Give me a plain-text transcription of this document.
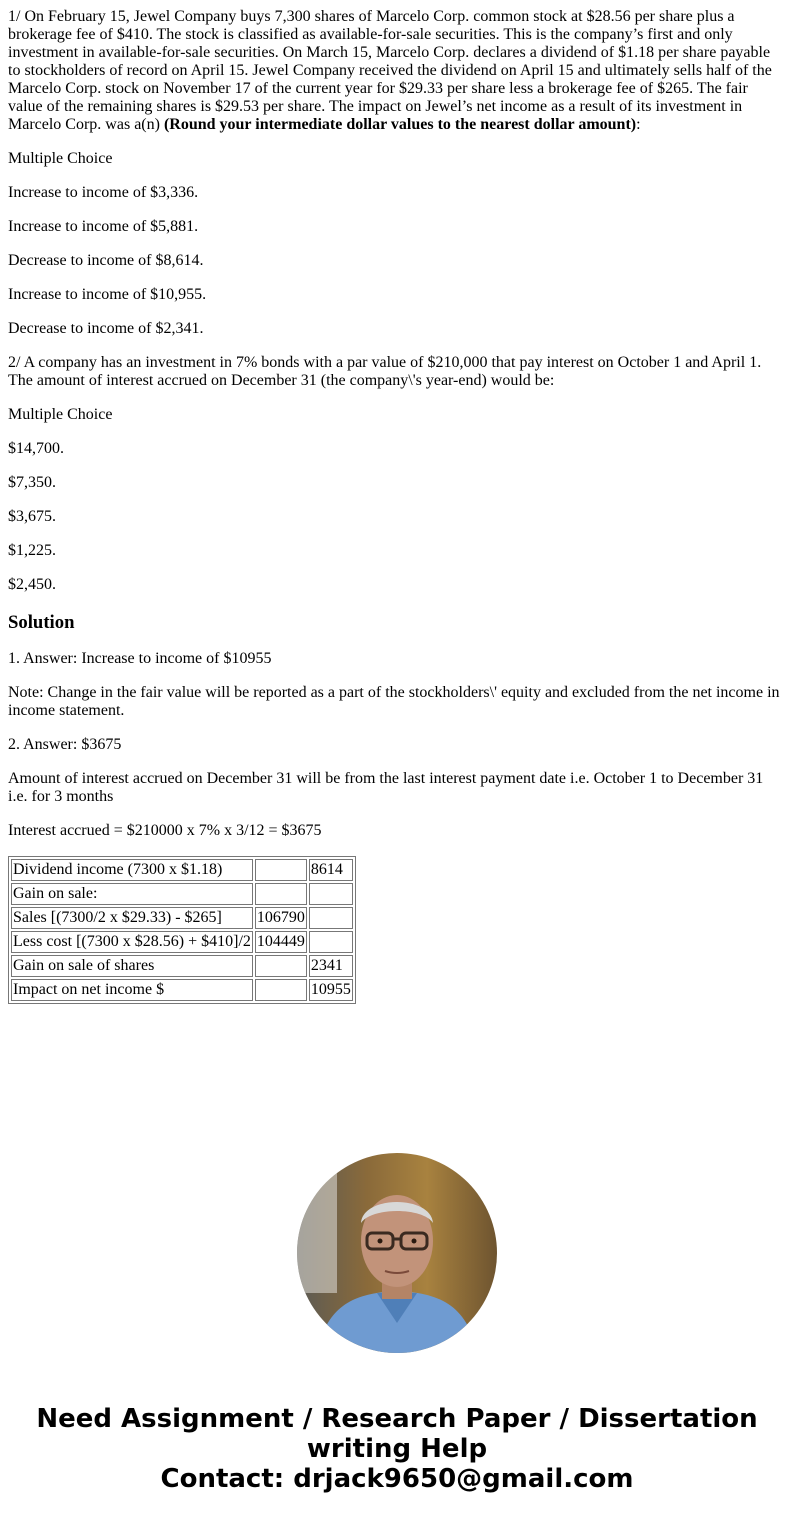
1/ On February 15, Jewel Company buys 7,300 shares of Marcelo Corp. common stock at $28.56 per share plus a brokerage fee of $410. The stock is classified as available-for-sale securities. This is the company’s first and only investment in available-for-sale securities. On March 15, Marcelo Corp. declares a dividend of $1.18 per share payable to stockholders of record on April 15. Jewel Company received the dividend on April 15 and ultimately sells half of the Marcelo Corp. stock on November 17 of the current year for $29.33 per share less a brokerage fee of $265. The fair value of the remaining shares is $29.53 per share. The impact on Jewel’s net income as a result of its investment in Marcelo Corp. was a(n) (Round your intermediate dollar values to the nearest dollar amount):

Multiple Choice

Increase to income of $3,336.

Increase to income of $5,881.

Decrease to income of $8,614.

Increase to income of $10,955.

Decrease to income of $2,341.

2/ A company has an investment in 7% bonds with a par value of $210,000 that pay interest on October 1 and April 1. The amount of interest accrued on December 31 (the company\'s year-end) would be:

Multiple Choice

$14,700.

$7,350.

$3,675.

$1,225.

$2,450.

Solution

1. Answer: Increase to income of $10955

Note: Change in the fair value will be reported as a part of the stockholders\' equity and excluded from the net income in income statement.

2. Answer: $3675

Amount of interest accrued on December 31 will be from the last interest payment date i.e. October 1 to December 31 i.e. for 3 months

Interest accrued = $210000 x 7% x 3/12 = $3675

Dividend income (7300 x $1.18)		8614
Gain on sale:		
Sales [(7300/2 x $29.33) - $265]	106790	
Less cost [(7300 x $28.56) + $410]/2	104449	
Gain on sale of shares		2341
Impact on net income $		10955
Need Assignment / Research Paper / Dissertation
writing Help
Contact: drjack9650@gmail.com
